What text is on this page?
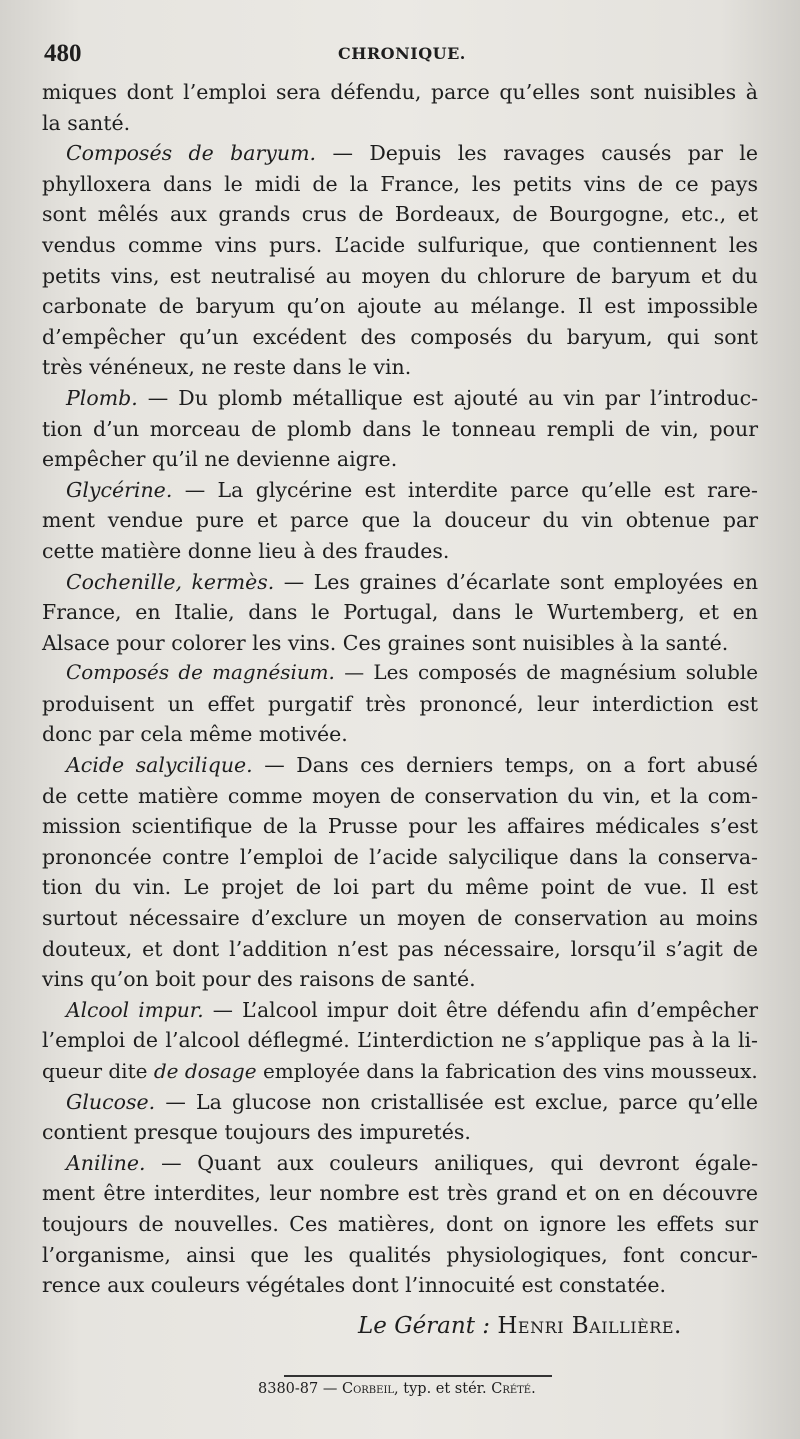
480	CHRONIQUE.
miques dont l’emploi sera défendu, parce qu’elles sont nuisibles à
la santé.
Composés de baryum. — Depuis les ravages causés par le
phylloxera dans le midi de la France, les petits vins de ce pays
sont mêlés aux grands crus de Bordeaux, de Bourgogne, etc., et
vendus comme vins purs. L’acide sulfurique, que contiennent les
petits vins, est neutralisé au moyen du chlorure de baryum et du
carbonate de baryum qu’on ajoute au mélange. Il est impossible
d’empêcher qu’un excédent des composés du baryum, qui sont
très vénéneux, ne reste dans le vin.
Plomb. — Du plomb métallique est ajouté au vin par l’introduc-
tion d’un morceau de plomb dans le tonneau rempli de vin, pour
empêcher qu’il ne devienne aigre.
Glycérine. — La glycérine est interdite parce qu’elle est rare-
ment vendue pure et parce que la douceur du vin obtenue par
cette matière donne lieu à des fraudes.
Cochenille, kermès. — Les graines d’écarlate sont employées en
France, en Italie, dans le Portugal, dans le Wurtemberg, et en
Alsace pour colorer les vins. Ces graines sont nuisibles à la santé.
Composés de magnésium. — Les composés de magnésium soluble
produisent un effet purgatif très prononcé, leur interdiction est
donc par cela même motivée.
Acide salycilique. — Dans ces derniers temps, on a fort abusé
de cette matière comme moyen de conservation du vin, et la com-
mission scientifique de la Prusse pour les affaires médicales s’est
prononcée contre l’emploi de l’acide salycilique dans la conserva-
tion du vin. Le projet de loi part du même point de vue. Il est
surtout nécessaire d’exclure un moyen de conservation au moins
douteux, et dont l’addition n’est pas nécessaire, lorsqu’il s’agit de
vins qu’on boit pour des raisons de santé.
Alcool impur. — L’alcool impur doit être défendu afin d’empêcher
l’emploi de l’alcool déflegmé. L’interdiction ne s’applique pas à la li-
queur dite de dosage employée dans la fabrication des vins mousseux.
Glucose. — La glucose non cristallisée est exclue, parce qu’elle
contient presque toujours des impuretés.
Aniline. — Quant aux couleurs aniliques, qui devront égale-
ment être interdites, leur nombre est très grand et on en découvre
toujours de nouvelles. Ces matières, dont on ignore les effets sur
l’organisme, ainsi que les qualités physiologiques, font concur-
rence aux couleurs végétales dont l’innocuité est constatée.
Le Gérant : Henri Baillière.
8380-87 — Corbeil, typ. et stér. Crété.
